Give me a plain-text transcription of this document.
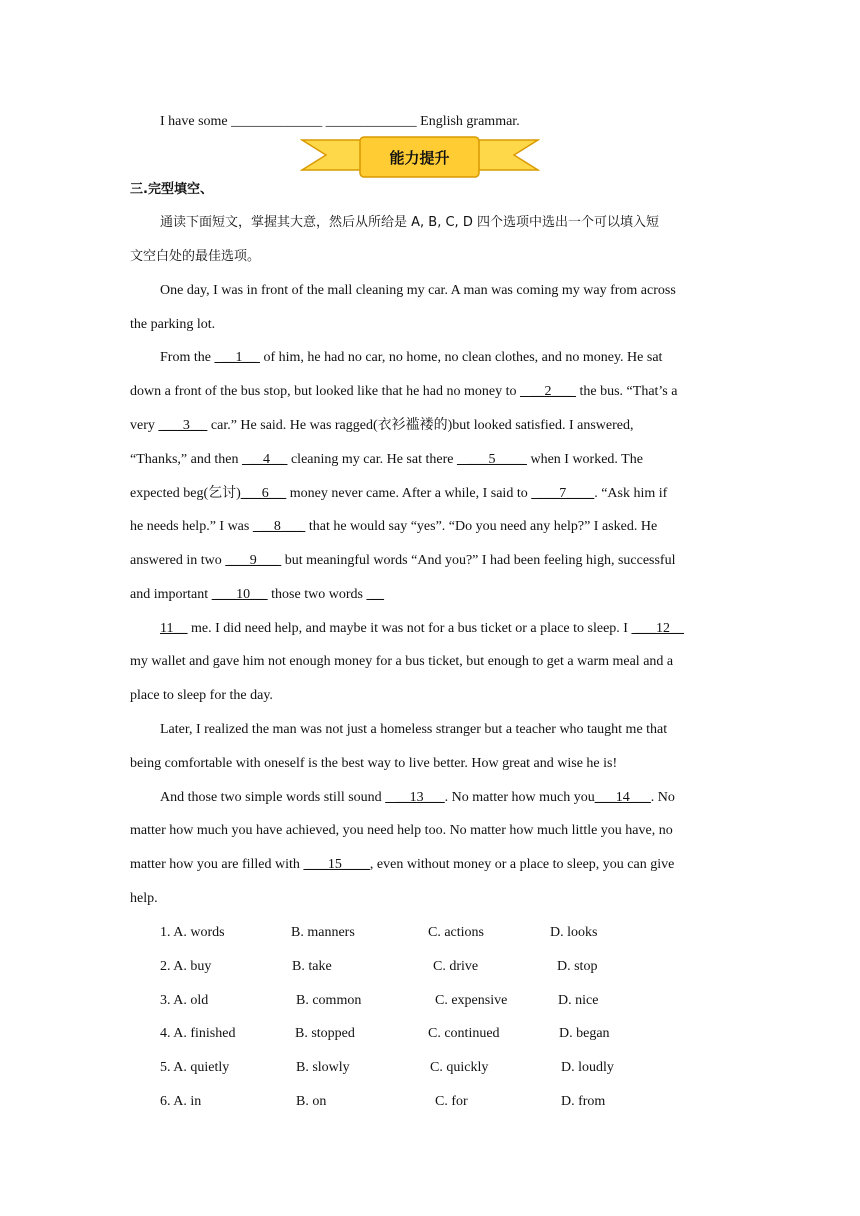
I have some _____________ _____________ English grammar.
能力提升
三.完型填空、
通读下面短文，掌握其大意，然后从所给是 A, B, C, D 四个选项中选出一个可以填入短
文空白处的最佳选项。
One day, I was in front of the mall cleaning my car. A man was coming my way from across
the parking lot.
From the   __1__  of him, he had no car, no home, no clean clothes, and no money. He sat
down a front of the bus stop, but looked like that he had no money to    __2___  the bus. “That’s a
very  ___3__  car.” He said. He was ragged(衣衫褴褛的)but looked satisfied. I answered,
“Thanks,” and then   __4__  cleaning my car. He sat there    ___5____  when I worked. The
expected beg(乞讨)___6__  money never came. After a while, I said to   ___7____. “Ask him if
he needs help.” I was   __8___  that he would say “yes”. “Do you need any help?” I asked. He
answered in two  ___9___  but meaningful words “And you?” I had been feeling high, successful
and important  ___10__  those two words  __
11__ me. I did need help, and maybe it was not for a bus ticket or a place to sleep. I  ___12__
my wallet and gave him not enough money for a bus ticket, but enough to get a warm meal and a
place to sleep for the day.
Later, I realized the man was not just a homeless stranger but a teacher who taught me that
being comfortable with oneself is the best way to live better. How great and wise he is!
And those two simple words still sound    __13___. No matter how much you___14___. No
matter how much you have achieved, you need help too. No matter how much little you have, no
matter how you are filled with  ___15____, even without money or a place to sleep, you can give
help.
1. A. words	B. manners	C. actions	D. looks
2. A. buy	B. take	C. drive	D. stop
3. A. old	B. common	C. expensive	D. nice
4. A. finished	B. stopped	C. continued	D. began
5. A. quietly	B. slowly	C. quickly	D. loudly
6. A. in	B. on	C. for	D. from
